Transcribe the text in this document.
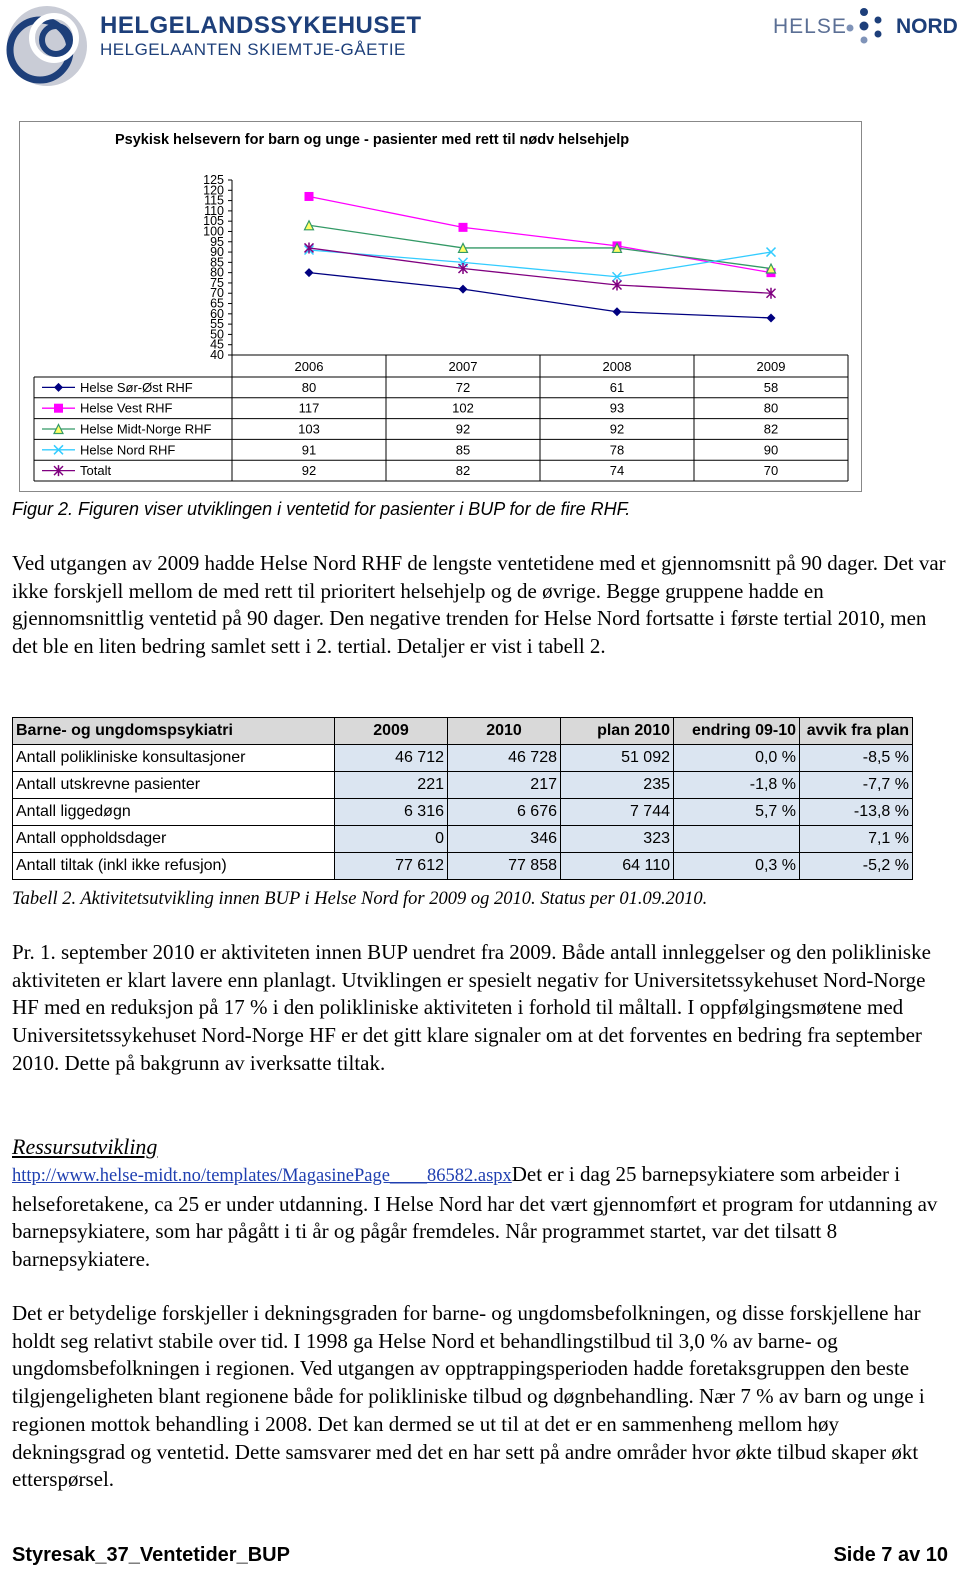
HELGELANDSSYKEHUSET
HELGELAANTEN SKIEMTJE-GÅETIE
HELSE NORD
Psykisk helsevern for barn og unge - pasienter med rett til nødv helsehjelp
125
120
115
110
105
100
95
90
85
80
75
70
65
60
55
50
45
40
2006	2007	2008	2009
Helse Sør-Øst RHF	80	72	61	58
Helse Vest RHF	117	102	93	80
Helse Midt-Norge RHF	103	92	92	82
Helse Nord RHF	91	85	78	90
Totalt	92	82	74	70
Figur 2. Figuren viser utviklingen i ventetid for pasienter i BUP for de fire RHF.
Ved utgangen av 2009 hadde Helse Nord RHF de lengste ventetidene med et gjennomsnitt på 90 dager. Det var ikke forskjell mellom de med rett til prioritert helsehjelp og de øvrige. Begge gruppene hadde en gjennomsnittlig ventetid på 90 dager. Den negative trenden for Helse Nord fortsatte i første tertial 2010, men det ble en liten bedring samlet sett i 2. tertial. Detaljer er vist i tabell 2.
Barne- og ungdomspsykiatri	2009	2010	plan 2010	endring 09-10	avvik fra plan
Antall polikliniske konsultasjoner	46 712	46 728	51 092	0,0 %	-8,5 %
Antall utskrevne pasienter	221	217	235	-1,8 %	-7,7 %
Antall liggedøgn	6 316	6 676	7 744	5,7 %	-13,8 %
Antall oppholdsdager	0	346	323		7,1 %
Antall tiltak (inkl ikke refusjon)	77 612	77 858	64 110	0,3 %	-5,2 %
Tabell 2. Aktivitetsutvikling innen BUP i Helse Nord for 2009 og 2010. Status per 01.09.2010.
Pr. 1. september 2010 er aktiviteten innen BUP uendret fra 2009. Både antall innleggelser og den polikliniske aktiviteten er klart lavere enn planlagt. Utviklingen er spesielt negativ for Universitetssykehuset Nord-Norge HF med en reduksjon på 17 % i den polikliniske aktiviteten i forhold til måltall. I oppfølgingsmøtene med Universitetssykehuset Nord-Norge HF er det gitt klare signaler om at det forventes en bedring fra september 2010. Dette på bakgrunn av iverksatte tiltak.
Ressursutvikling
http://www.helse-midt.no/templates/MagasinePage____86582.aspxDet er i dag 25 barnepsykiatere som arbeider i helseforetakene, ca 25 er under utdanning. I Helse Nord har det vært gjennomført et program for utdanning av barnepsykiatere, som har pågått i ti år og pågår fremdeles. Når programmet startet, var det tilsatt 8 barnepsykiatere.
Det er betydelige forskjeller i dekningsgraden for barne- og ungdomsbefolkningen, og disse forskjellene har holdt seg relativt stabile over tid. I 1998 ga Helse Nord et behandlingstilbud til 3,0 % av barne- og ungdomsbefolkningen i regionen. Ved utgangen av opptrappingsperioden hadde foretaksgruppen den beste tilgjengeligheten blant regionene både for polikliniske tilbud og døgnbehandling. Nær 7 % av barn og unge i regionen mottok behandling i 2008. Det kan dermed se ut til at det er en sammenheng mellom høy dekningsgrad og ventetid. Dette samsvarer med det en har sett på andre områder hvor økte tilbud skaper økt etterspørsel.
Styresak_37_Ventetider_BUP	Side 7 av 10
